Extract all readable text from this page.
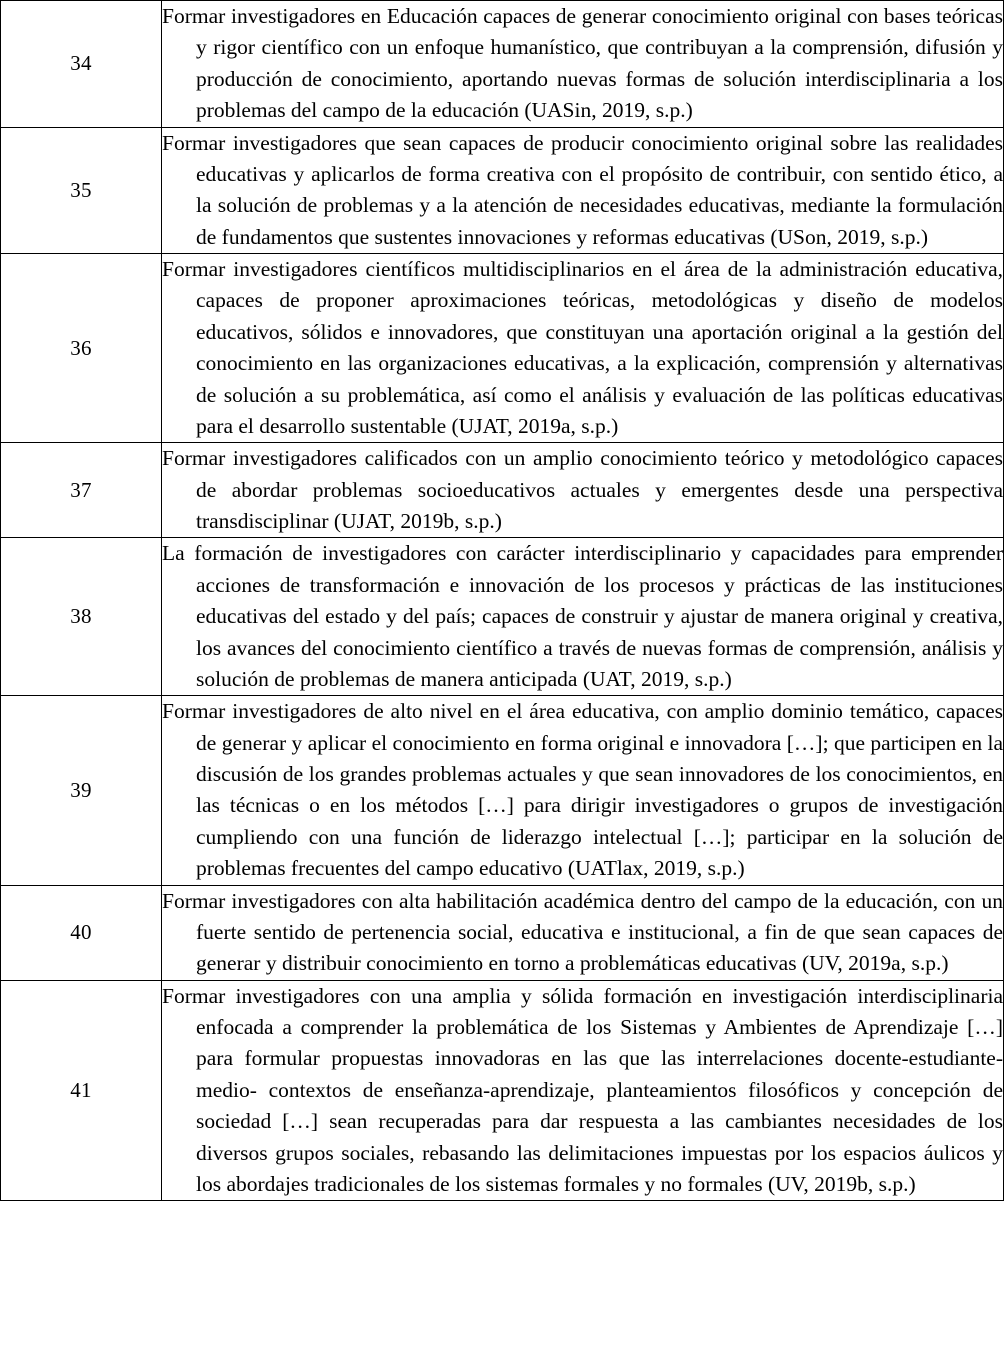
34	Formar investigadores en Educación capaces de generar conocimiento original con bases teóricas y rigor científico con un enfoque humanístico, que contribuyan a la comprensión, difusión y producción de conocimiento, aportando nuevas formas de solución interdisciplinaria a los problemas del campo de la educación (UASin, 2019, s.p.)

35	Formar investigadores que sean capaces de producir conocimiento original sobre las realidades educativas y aplicarlos de forma creativa con el propósito de contribuir, con sentido ético, a la solución de problemas y a la atención de necesidades educativas, mediante la formulación de fundamentos que sustentes innovaciones y reformas educativas (USon, 2019, s.p.)

36	Formar investigadores científicos multidisciplinarios en el área de la administración educativa, capaces de proponer aproximaciones teóricas, metodológicas y diseño de modelos educativos, sólidos e innovadores, que constituyan una aportación original a la gestión del conocimiento en las organizaciones educativas, a la explicación, comprensión y alternativas de solución a su problemática, así como el análisis y evaluación de las políticas educativas para el desarrollo sustentable (UJAT, 2019a, s.p.)

37	Formar investigadores calificados con un amplio conocimiento teórico y metodológico capaces de abordar problemas socioeducativos actuales y emergentes desde una perspectiva transdisciplinar (UJAT, 2019b, s.p.)

38	La formación de investigadores con carácter interdisciplinario y capacidades para emprender acciones de transformación e innovación de los procesos y prácticas de las instituciones educativas del estado y del país; capaces de construir y ajustar de manera original y creativa, los avances del conocimiento científico a través de nuevas formas de comprensión, análisis y solución de problemas de manera anticipada (UAT, 2019, s.p.)

39	Formar investigadores de alto nivel en el área educativa, con amplio dominio temático, capaces de generar y aplicar el conocimiento en forma original e innovadora […]; que participen en la discusión de los grandes problemas actuales y que sean innovadores de los conocimientos, en las técnicas o en los métodos […] para dirigir investigadores o grupos de investigación cumpliendo con una función de liderazgo intelectual […]; participar en la solución de problemas frecuentes del campo educativo (UATlax, 2019, s.p.)

40	Formar investigadores con alta habilitación académica dentro del campo de la educación, con un fuerte sentido de pertenencia social, educativa e institucional, a fin de que sean capaces de generar y distribuir conocimiento en torno a problemáticas educativas (UV, 2019a, s.p.)

41	Formar investigadores con una amplia y sólida formación en investigación interdisciplinaria enfocada a comprender la problemática de los Sistemas y Ambientes de Aprendizaje […] para formular propuestas innovadoras en las que las interrelaciones docente-estudiante-medio- contextos de enseñanza-aprendizaje, planteamientos filosóficos y concepción de sociedad […] sean recuperadas para dar respuesta a las cambiantes necesidades de los diversos grupos sociales, rebasando las delimitaciones impuestas por los espacios áulicos y los abordajes tradicionales de los sistemas formales y no formales (UV, 2019b, s.p.)
